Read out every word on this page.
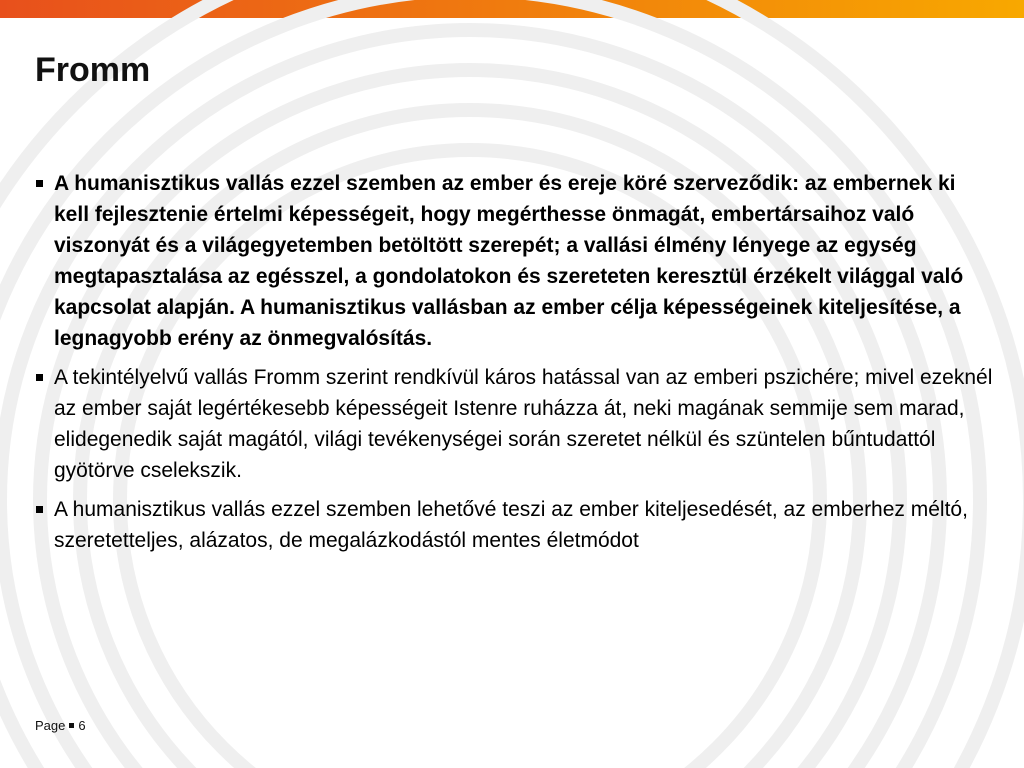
Fromm
A humanisztikus vallás ezzel szemben az ember és ereje köré szerveződik: az embernek ki kell fejlesztenie értelmi képességeit, hogy megérthesse önmagát, embertársaihoz való viszonyát és a világegyetemben betöltött szerepét; a vallási élmény lényege az egység megtapasztalása az egésszel, a gondolatokon és szereteten keresztül érzékelt világgal való kapcsolat alapján. A humanisztikus vallásban az ember célja képességeinek kiteljesítése, a legnagyobb erény az önmegvalósítás.
A tekintélyelvű vallás Fromm szerint rendkívül káros hatással van az emberi pszichére; mivel ezeknél az ember saját legértékesebb képességeit Istenre ruházza át, neki magának semmije sem marad, elidegenedik saját magától, világi tevékenységei során szeretet nélkül és szüntelen bűntudattól gyötörve cselekszik.
A humanisztikus vallás ezzel szemben lehetővé teszi az ember kiteljesedését, az emberhez méltó, szeretetteljes, alázatos, de megalázkodástól mentes életmódot
Page 6
